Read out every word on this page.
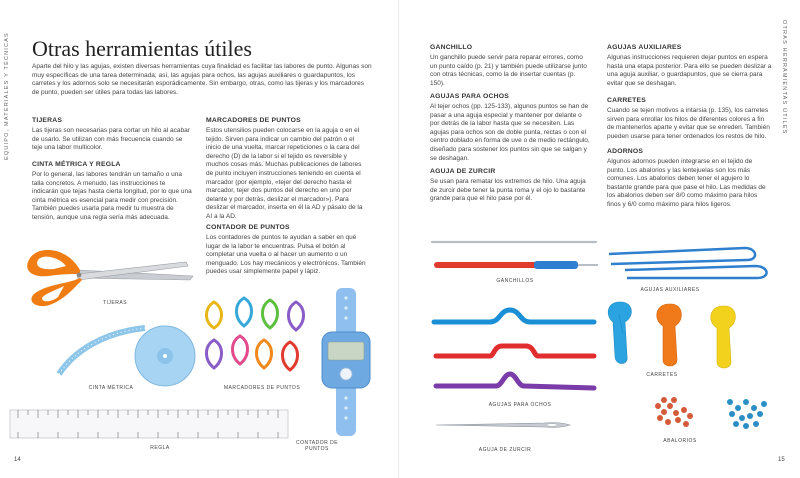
EQUIPO, MATERIALES Y TÉCNICAS Otras herramientas útiles

Aparte del hilo y las agujas, existen diversas herramientas cuya finalidad es facilitar las labores de punto. Algunas son muy específicas de una tarea determinada; así, las agujas para ochos, las agujas auxiliares o guardapuntos, los carretes y los adornos solo se necesitarán esporádicamente. Sin embargo, otras, como las tijeras y los marcadores de punto, pueden ser útiles para todas las labores.

TIJERAS

Las tijeras son necesarias para cortar un hilo al acabar de usarlo. Se utilizan con más frecuencia cuando se teje una labor multicolor.

CINTA MÉTRICA Y REGLA

Por lo general, las labores tendrán un tamaño o una talla concretos. A menudo, las instrucciones te indicarán que tejas hasta cierta longitud, por lo que una cinta métrica es esencial para medir con precisión. También puedes usarla para medir tu muestra de tensión, aunque una regla sería más adecuada.

MARCADORES DE PUNTOS

Estos utensilios pueden colocarse en la aguja o en el tejido. Sirven para indicar un cambio del patrón o el inicio de una vuelta, marcar repeticiones o la cara del derecho (D) de la labor si el tejido es reversible y muchos cosas más. Muchas publicaciones de labores de punto incluyen instrucciones teniendo en cuenta el marcador (por ejemplo, «tejer del derecho hasta el marcador, tejer dos puntos del derecho en uno por delante y por detrás, deslizar el marcador»). Para deslizar el marcador, inserta en él la AD y pásalo de la AI a la AD.

CONTADOR DE PUNTOS

Los contadores de puntos te ayudan a saber en qué lugar de la labor te encuentras. Pulsa el botón al completar una vuelta o al hacer un aumento o un menguado. Los hay mecánicos y electrónicos. También puedes usar simplemente papel y lápiz.

TIJERAS
CINTA MÉTRICA	MARCADORES DE PUNTOS
REGLA
CONTADOR DE PUNTOS
14
OTRAS HERRAMIENTAS ÚTILES
GANCHILLO

Un ganchillo puede servir para reparar errores, como un punto caído (p. 21) y también puede utilizarse junto con otras técnicas, como la de insertar cuentas (p. 150).

AGUJAS PARA OCHOS

Al tejer ochos (pp. 125-133), algunos puntos se han de pasar a una aguja especial y mantener por delante o por detrás de la labor hasta que se necesiten. Las agujas para ochos son de doble punta, rectas o con el centro doblado en forma de uve o de medio rectángulo, diseñado para sostener los puntos sin que se salgan y se deshagan.

AGUJA DE ZURCIR

Se usan para rematar los extremos de hilo. Una aguja de zurcir debe tener la punta roma y el ojo lo bastante grande para que el hilo pase por él.

AGUJAS AUXILIARES

Algunas instrucciones requieren dejar puntos en espera hasta una etapa posterior. Para ello se pueden deslizar a una aguja auxiliar, o guardapuntos, que se cierra para evitar que se deshagan.

CARRETES

Cuando se tejen motivos a intarsia (p. 135), los carretes sirven para enrollar los hilos de diferentes colores a fin de mantenerlos aparte y evitar que se enreden. También pueden usarse para tener ordenados los restos de hilo.

ADORNOS

Algunos adornos pueden integrarse en el tejido de punto. Los abalorios y las lentejuelas son los más comunes. Los abalorios deben tener el agujero lo bastante grande para que pase el hilo. Las medidas de los abalorios deben ser 8/0 como máximo para hilos finos y 6/0 como máximo para hilos ligeros.

GANCHILLOS
AGUJAS AUXILIARES
CARRETES
AGUJAS PARA OCHOS
ABALORIOS
AGUJA DE ZURCIR
15
